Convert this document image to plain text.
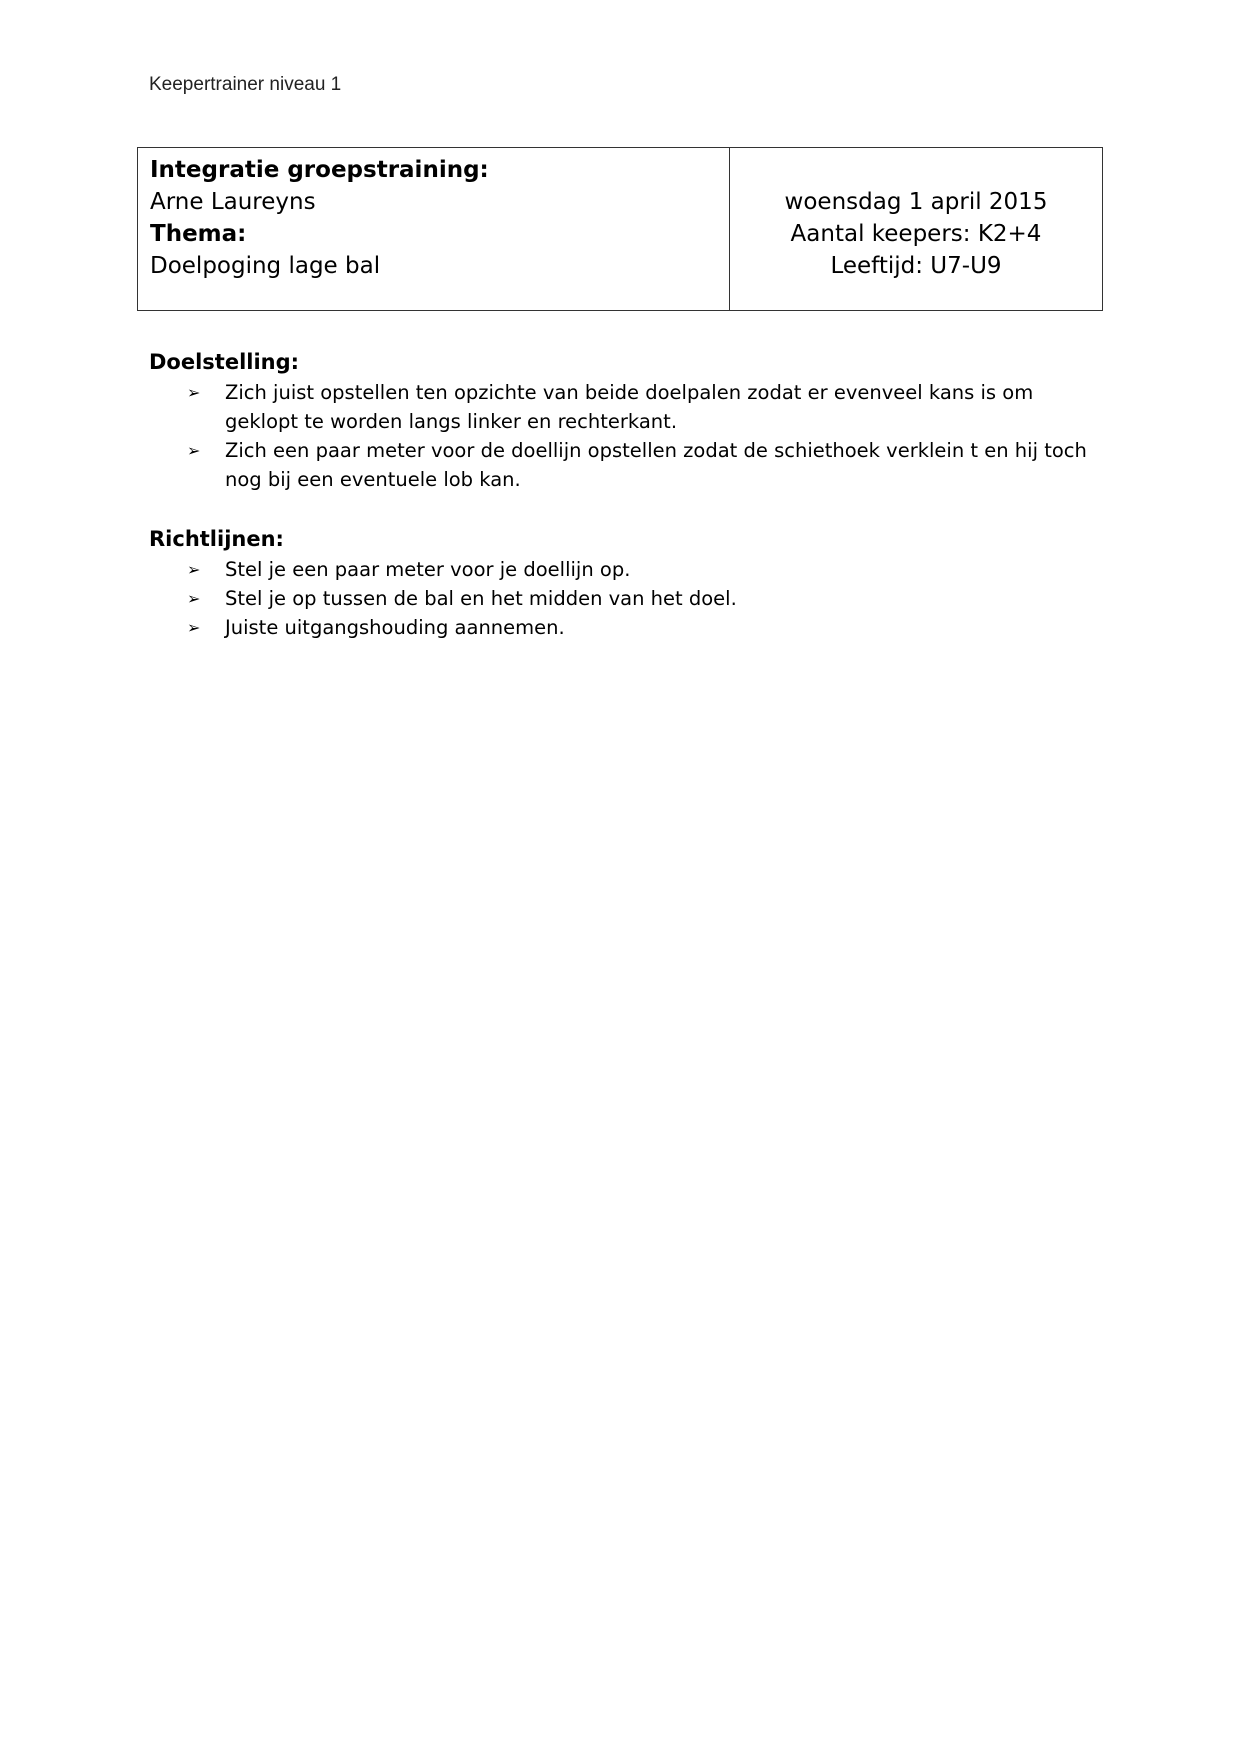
Keepertrainer niveau 1
Integratie groepstraining:
Arne Laureyns
Thema:
Doelpoging lage bal
woensdag 1 april 2015
Aantal keepers: K2+4
Leeftijd: U7-U9
Doelstelling:
➢ Zich juist opstellen ten opzichte van beide doelpalen zodat er evenveel kans is om geklopt te worden langs linker en rechterkant.
➢ Zich een paar meter voor de doellijn opstellen zodat de schiethoek verklein t en hij toch nog bij een eventuele lob kan.
Richtlijnen:
➢ Stel je een paar meter voor je doellijn op.
➢ Stel je op tussen de bal en het midden van het doel.
➢ Juiste uitgangshouding aannemen.
